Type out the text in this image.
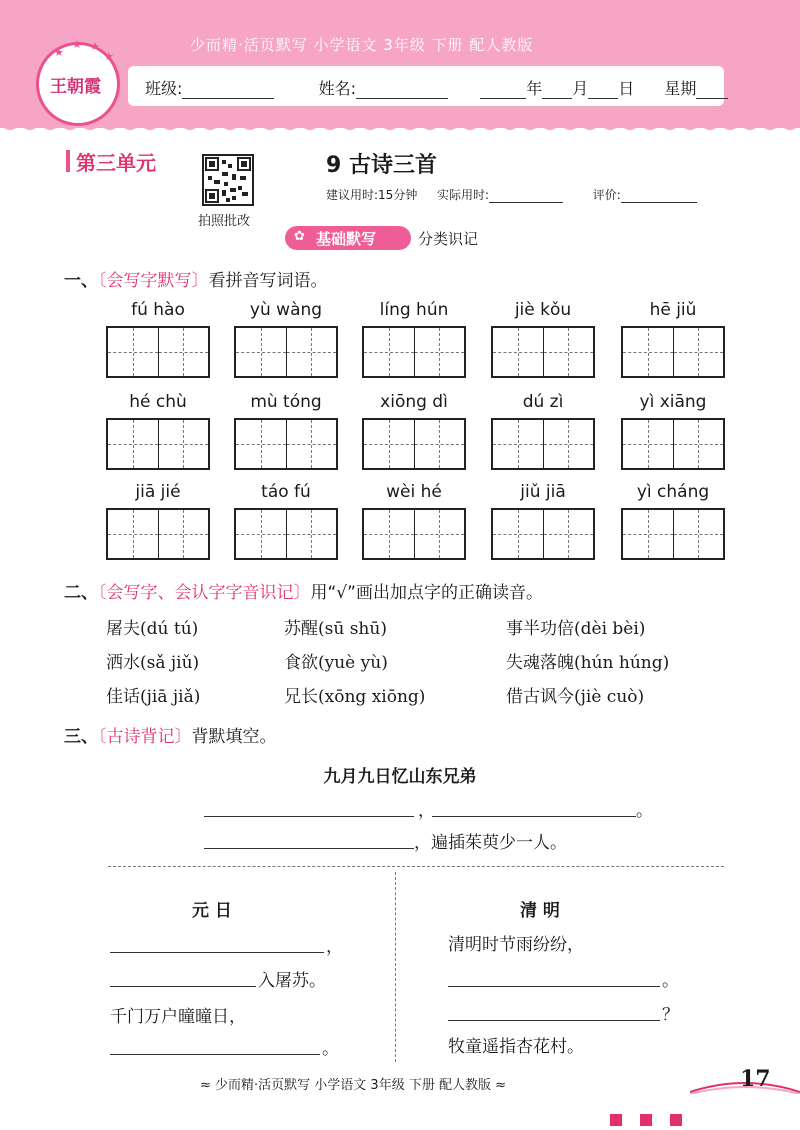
少而精·活页默写 小学语文 3年级 下册 配人教版
班级:	姓名:	年 月 日 星期
★
★ ★
★
王朝霞
第三单元
拍照批改
9 古诗三首
建议用时:15分钟 实际用时:	评价:
✿ 基础默写	分类识记
一、〔会写字默写〕看拼音写词语。
fú hào	yù wàng	líng hún	jiè kǒu	hē jiǔ
hé chù	mù tóng	xiōng dì	dú zì	yì xiāng
jiā jié	táo fú	wèi hé	jiǔ jiā	yì cháng
二、〔会写字、会认字字音识记〕用“√”画出加点字的正确读音。
屠夫(dú tú)	苏醒(sū shū)	事半功倍(dèi bèi)
洒水(sǎ jiǔ)	食欲(yuè yù)	失魂落魄(hún húng)
佳话(jiā jiǎ)	兄长(xōng xiōng)	借古讽今(jiè cuò)
三、〔古诗背记〕背默填空。
九月九日忆山东兄弟
，	。
，遍插茱萸少一人。
元 日
，
入屠苏。
千门万户曈曈日，
。
清 明
清明时节雨纷纷，
。
？
牧童遥指杏花村。
≈ 少而精·活页默写 小学语文 3年级 下册 配人教版 ≈	17
